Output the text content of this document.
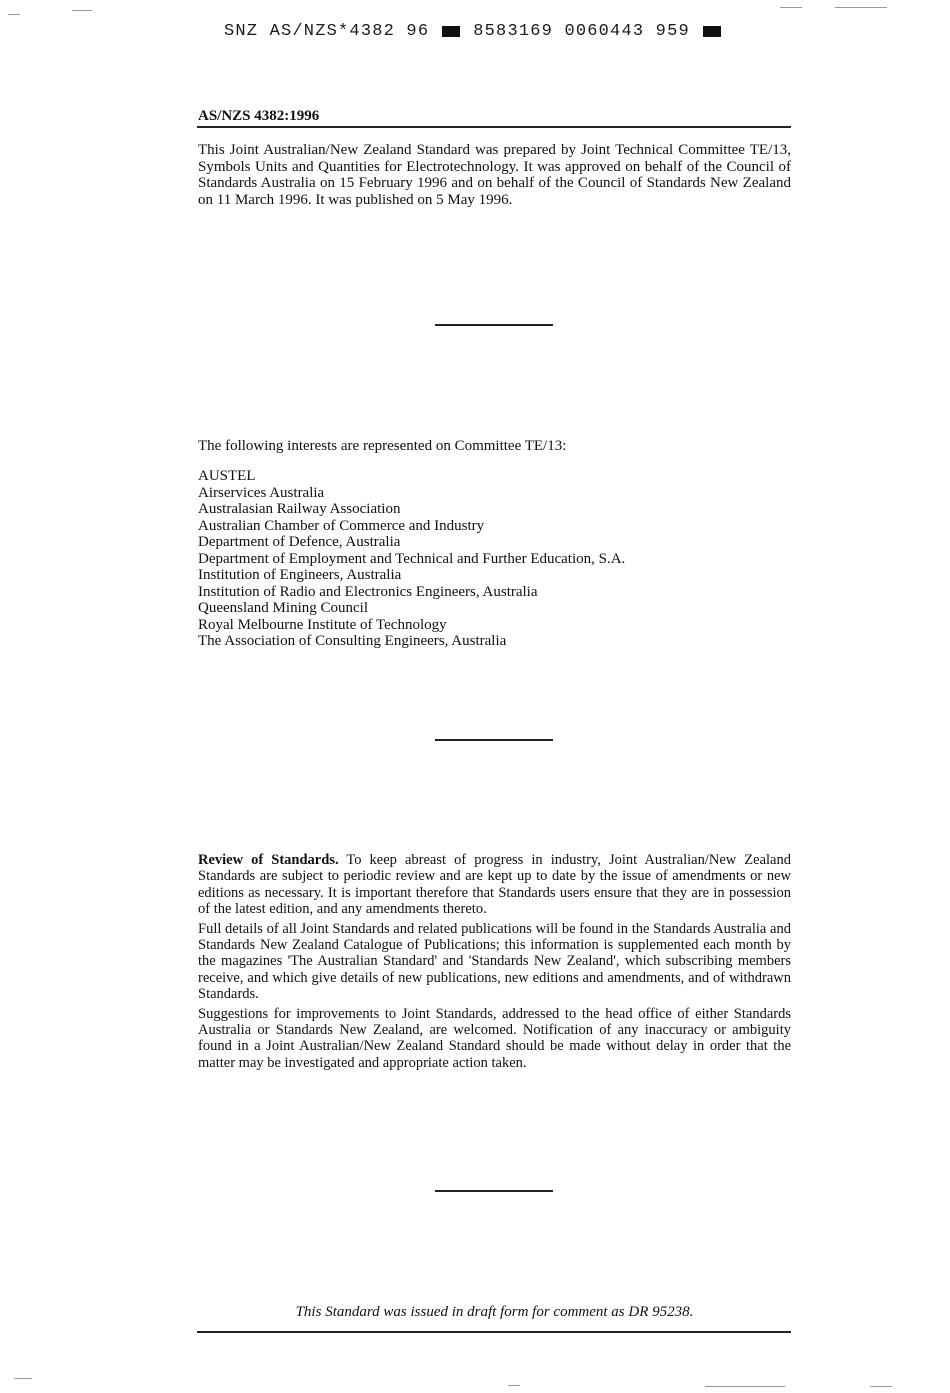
SNZ AS/NZS*4382 96	8583169 0060443 959
AS/NZS 4382:1996

This Joint Australian/New Zealand Standard was prepared by Joint Technical Committee TE/13, Symbols Units and Quantities for Electrotechnology. It was approved on behalf of the Council of Standards Australia on 15 February 1996 and on behalf of the Council of Standards New Zealand on 11 March 1996. It was published on 5 May 1996.

The following interests are represented on Committee TE/13:

AUSTEL
Airservices Australia
Australasian Railway Association
Australian Chamber of Commerce and Industry
Department of Defence, Australia
Department of Employment and Technical and Further Education, S.A.
Institution of Engineers, Australia
Institution of Radio and Electronics Engineers, Australia
Queensland Mining Council
Royal Melbourne Institute of Technology
The Association of Consulting Engineers, Australia

Review of Standards. To keep abreast of progress in industry, Joint Australian/New Zealand Standards are subject to periodic review and are kept up to date by the issue of amendments or new editions as necessary. It is important therefore that Standards users ensure that they are in possession of the latest edition, and any amendments thereto.

Full details of all Joint Standards and related publications will be found in the Standards Australia and Standards New Zealand Catalogue of Publications; this information is supplemented each month by the magazines 'The Australian Standard' and 'Standards New Zealand', which subscribing members receive, and which give details of new publications, new editions and amendments, and of withdrawn Standards.

Suggestions for improvements to Joint Standards, addressed to the head office of either Standards Australia or Standards New Zealand, are welcomed. Notification of any inaccuracy or ambiguity found in a Joint Australian/New Zealand Standard should be made without delay in order that the matter may be investigated and appropriate action taken.

This Standard was issued in draft form for comment as DR 95238.
